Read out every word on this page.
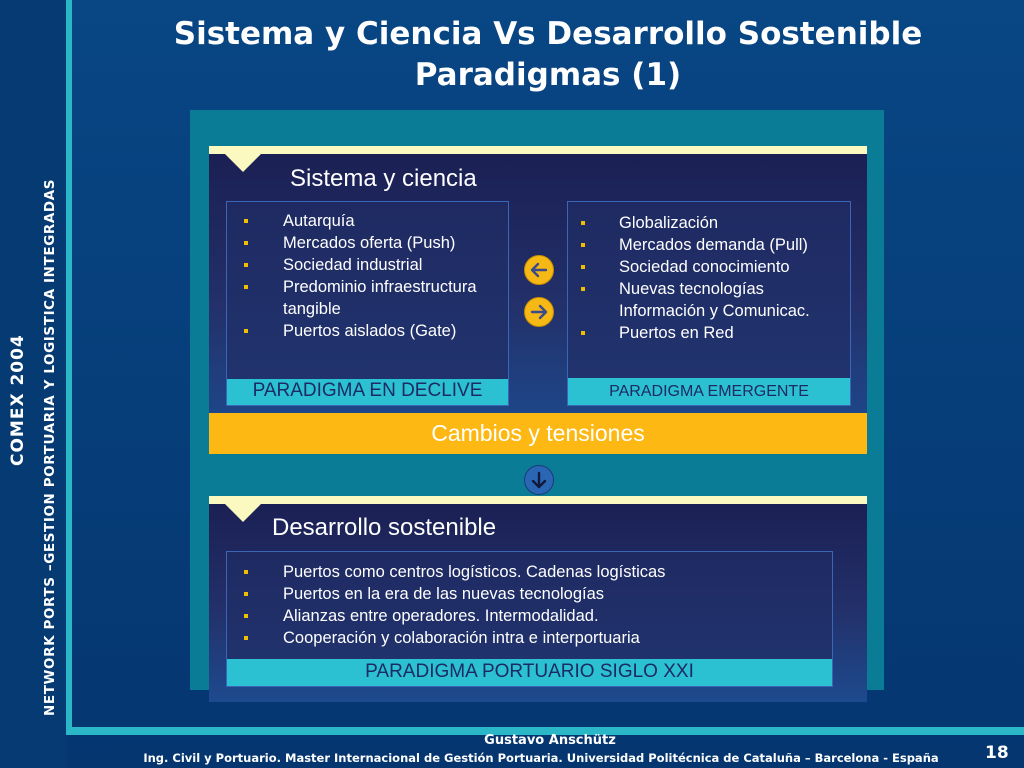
COMEX 2004 NETWORK PORTS –GESTION PORTUARIA Y LOGISTICA INTEGRADAS
Sistema y Ciencia Vs Desarrollo Sostenible
Paradigmas (1)
Sistema y ciencia
Autarquía
Mercados oferta (Push)
Sociedad industrial
Predominio infraestructura tangible
Puertos aislados (Gate)
PARADIGMA EN DECLIVE
Globalización
Mercados demanda (Pull)
Sociedad conocimiento
Nuevas tecnologías Información y Comunicac.
Puertos en Red
PARADIGMA EMERGENTE
Cambios y tensiones
Desarrollo sostenible
Puertos como centros logísticos. Cadenas logísticas
Puertos en la era de las nuevas tecnologías
Alianzas entre operadores. Intermodalidad.
Cooperación y colaboración intra e interportuaria
PARADIGMA PORTUARIO SIGLO XXI
Gustavo Anschütz
Ing. Civil y Portuario. Master Internacional de Gestión Portuaria. Universidad Politécnica de Cataluña – Barcelona - España	18
